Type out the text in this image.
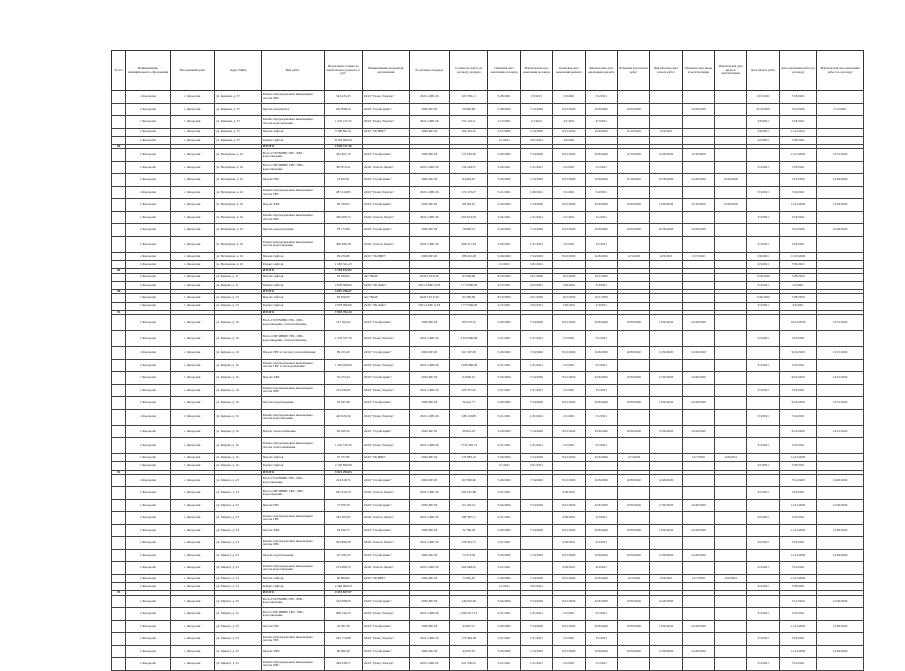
№ п/п	Наименование муниципального образования	Населенный пункт	Адрес МКД	Вид работ	Предельная стоимость капитального ремонта, в руб.	Наименование подрядной организации	№ договора подряда	Стоимость работ по договору подряда	Плановая дата окончания договора	Фактическая дата окончания договора	Плановая дата окончания ремонта	Фактическая дата окончания ремонта	Плановая дата начала работ	Фактическая дата начала работ	Плановая дата ввода в эксплуатацию	Фактическая дата ввода в эксплуатацию	Дата начала работ	Дата окончания работ по договору	Фактическая дата окончания работ по договору
	г. Феодосия	г. Феодосия	ул. Киреева, д. 37	Ремонт внутридомовых инженерных систем ХВС	543 433,45	ООО "Гранд Электро"	2021-СМР-26	165 760,11	5/28/2021	1/9/2021	2/3/2021	3/1/2021					10/5/2021	7/18/2021	
	г. Феодосия	г. Феодосия	ул. Киреева, д. 37	Проект капремонта	625 898,45	ООО "Стройсервис"	2020-ПР-65	59 693,96	5/28/2020	7/14/2020	8/21/2020	6/26/2020	10/30/2020		12/20/2020		9/16/2020	7/12/2020	7/12/2021
	г. Феодосия	г. Феодосия	ул. Киреева, д. 37	Ремонт внутридомовых инженерных систем водоотведения	1 276 217,25	ООО "Гранд Электро"	2021-СМР-26	752 116,11	1/15/2021	2/1/2021	3/1/2021	3/7/2021					3/9/2021	7/18/2021	
	г. Феодосия	г. Феодосия	ул. Киреева, д. 37	Проект лифтов	3 288 867,21	ООО "ТК ВИП"	2020-ПР-63	185 455,35	5/27/2020	7/14/2020	8/21/2020	6/26/2020	11/20/2020	12/9/2021			3/6/2021	11/12/2021	
	г. Феодосия	г. Феодосия	ул. Киреева, д. 37	Ремонт лифтов	8 263 609,56				1/1/2021	3/31/2021	3/4/2021						4/5/2021	7/30/2021	
88				ИТОГО	4 956 317,46														
	г. Феодосия	г. Феодосия	ул. Ветеранов, д. 16	Всего ГСН ВИВБ: ГВС, ХВС, водоотведение	461 401,76	ООО "Стройсервис"	2020-ПР-63	174 265,62	5/26/2020	7/14/2020	8/21/2020	6/26/2020	11/20/2020	12/20/2020	11/30/2020			11/15/2020	12/15/2020
	г. Феодосия	г. Феодосия	ул. Ветеранов, д. 16	Всего СМР ИВБВ: ГВС, ХВС, водоотведение	393 874,41	ООО "Альтэк Энерго"	2021-СМР-36	745 294,37	5/24/2021	1/31/2021	2/1/2021	3/1/2021					3/3/2021	7/18/2021	
	г. Феодосия	г. Феодосия	ул. Ветеранов, д. 16	Проект ГВС	74 653,91	ООО "Стройсервис"	2020-ПР-63	84 963,67	5/26/2020	7/14/2020	8/21/2020	6/26/2020	11/20/2020	10/30/2020	12/20/2020	12/20/2020		7/12/2020	12/20/2020
	г. Феодосия	г. Феодосия	ул. Ветеранов, д. 16	Ремонт внутридомовых инженерных систем ГВС	287 419,83	ООО "Гранд Электро"	2021-СМР-26	172 473,47	5/21/2021	1/30/2021	3/1/2021	3/2/2021					3/3/2021	7/19/2021	
	г. Феодосия	г. Феодосия	ул. Ветеранов, д. 16	Проект ХВС	65 790,62	ООО "Стройсервис"	2020-ПР-63	68 362,61	5/26/2020	7/14/2020	8/21/2020	6/26/2020	10/30/2020	11/30/2020	11/30/2020	12/20/2020		11/12/2020	12/20/2020
	г. Феодосия	г. Феодосия	ул. Ветеранов, д. 16	Ремонт внутридомовых инженерных систем ХВС	260 468,72	ООО "Альтэк Энерго"	2021-СМР-36	203 814,93	5/24/2021	1/31/2021	2/1/2021	3/1/2021					3/3/2021	7/18/2021	
	г. Феодосия	г. Феодосия	ул. Ветеранов, д. 16	Проект водоотведения	78 173,98	ООО "Стройсервис"	2020-ПР-63	78 893,12	5/26/2020	7/14/2020	8/21/2020	6/26/2020	10/30/2020	10/30/2020	12/20/2020			7/12/2020	12/20/2020
	г. Феодосия	г. Феодосия	ул. Ветеранов, д. 16	Ремонт внутридомовых инженерных систем водоотведения	409 286,78	ООО "Альтэк Энерго"	2021-СМР-36	368 217,63	5/24/2021	1/31/2021	2/1/2021	3/1/2021					3/3/2021	7/18/2021	
	г. Феодосия	г. Феодосия	ул. Ветеранов, д. 16	Проект лифтов	99 276,89	ООО "ТК ВИП"	2020-ПР-63	188 415,28	5/26/2020	7/14/2020	8/21/2020	6/26/2020	11/5/2020	12/9/2021	12/7/2020		3/6/2021	11/15/2020	
	г. Феодосия	г. Феодосия	ул. Ветеранов, д. 16	Ремонт лифтов	1 003 321,23				1/1/2021	3/31/2021							4/5/2021	7/30/2021	
89				ИТОГО	3 783 672,82														
	г. Феодосия	г. Феодосия	ул. Кирова, д. 11	Проект лифтов	93 560,00	АО "ВАЦ"	2020-СП-Р-46	93 560,00	8/10/2020	10/1/2020	10/1/2020	10/1/2020					7/24/2020	7/28/2020	
	г. Феодосия	г. Феодосия	ул. Кирова, д. 11	Ремонт лифтов	2 878 000,00	ООО "ЭК Лифт"	2021-СМР-Л-18	1 773 000,00	2/15/2021	2/25/2021	1/20/2021	3/3/2021					3/3/2021	4/5/2021	
90				ИТОГО	3 067 256,57														
	г. Феодосия	г. Феодосия	ул. Кирова, д. 13	Проект лифтов	92 810,00	АО "ВАЦ"	2020-СП-Р-46	93 560,00	8/10/2020	10/1/2020	10/1/2020	10/1/2020					7/24/2020	7/28/2020	
	г. Феодосия	г. Феодосия	ул. Кирова, д. 13	Ремонт лифтов	2 878 000,00	ООО "ЭК Лифт"	2021-СМР-Л-18	1 773 000,00	2/15/2021	2/25/2021	1/20/2021	3/3/2021					3/3/2021	4/5/2021	
91				ИТОГО	7 093 702,24														
	г. Феодосия	г. Феодосия	ул. Кирова, д. 16	Всего ГСН ВИВБ: ГВС, ХВС, водоотведение, теплоснабжение	127 366,42	ООО "Стройсервис"	2020-ПР-63	163 070,12	5/26/2020	7/14/2020	8/21/2020	6/26/2020	10/30/2020	11/30/2020	12/20/2020			10/12/2020	12/15/2020
	г. Феодосия	г. Феодосия	ул. Кирова, д. 16	Всего СМР ИВБВ: ГВС, ХВС, водоотведение, теплоснабжение	1 233 537,79	ООО "Гранд Электро"	2021-СМР-26	2 256 996,09	5/21/2021	1/31/2021	2/1/2021	3/1/2021					3/3/2021	7/19/2021	
	г. Феодосия	г. Феодосия	ул. Кирова, д. 16	Проект ГВС и систем теплоснабжения	89 211,60	ООО "Стройсервис"	2020-ПР-63	101 597,90	5/26/2020	7/14/2020	8/21/2020	6/26/2020	10/30/2020	11/30/2020	12/20/2020			9/16/2020	12/15/2020
	г. Феодосия	г. Феодосия	ул. Кирова, д. 16	Ремонт внутридомовых инженерных систем ГВС и теплоснабжения	1 326 022,84	ООО "Гранд Электро"	2021-СМР-26	1 208 360,28	5/21/2021	1/31/2021	2/1/2021	3/1/2021					3/3/2021	7/19/2021	
	г. Феодосия	г. Феодосия	ул. Кирова, д. 16	Проект ХВС	56 273,43	ООО "Стройсервис"	2020-ПР-63	64 830,61	5/26/2020	7/14/2020	8/21/2020	6/26/2020	10/30/2020	11/30/2020	12/20/2020			9/16/2020	12/15/2020
	г. Феодосия	г. Феодосия	ул. Кирова, д. 16	Ремонт внутридомовых инженерных систем ХВС	215 636,96	ООО "Гранд Электро"	2021-СМР-26	226 357,91	5/21/2021	1/31/2021	2/1/2021	3/1/2021					3/3/2021	7/19/2021	
	г. Феодосия	г. Феодосия	ул. Кирова, д. 16	Проект водоотведения	53 267,48	ООО "Стройсервис"	2020-ПР-63	56 441,77	5/26/2020	7/14/2020	8/21/2020	6/26/2020	10/30/2020	11/30/2020	12/20/2020			9/16/2020	12/15/2020
	г. Феодосия	г. Феодосия	ул. Кирова, д. 16	Ремонт внутридомовых инженерных систем водоотведения	443 026,34	ООО "Гранд Электро"	2021-СМР-26	228 119,80	5/21/2021	1/31/2021	2/1/2021	3/1/2021					3/3/2021	7/19/2021	
	г. Феодосия	г. Феодосия	ул. Кирова, д. 16	Проект теплоснабжения	83 450,59	ООО "Стройсервис"	2020-ПР-63	98 814,23	5/26/2020	7/14/2020	8/21/2020	6/26/2020	10/30/2020	11/30/2020	12/20/2020			9/16/2020	12/15/2020
	г. Феодосия	г. Феодосия	ул. Кирова, д. 16	Ремонт внутридомовых инженерных систем теплоснабжения	1 242 576,10	ООО "Гранд Электро"	2021-СМР-26	1 576 395,73	5/21/2021	1/31/2021	2/1/2021	3/1/2021					3/3/2021	7/19/2021	
	г. Феодосия	г. Феодосия	ул. Кирова, д. 16	Проект лифтов	67 377,80	ООО "ТК ВИП"	2020-ПР-63	135 883,16	5/26/2020	7/14/2020	8/21/2020	6/26/2020	11/5/2020		12/7/2020	12/9/2021		11/12/2020	
	г. Феодосия	г. Феодосия	ул. Кирова, д. 16	Ремонт лифтов	2 136 859,90				1/1/2021	3/31/2021							4/5/2021	7/30/2021	
92				ИТОГО	3 921 293,03														
	г. Феодосия	г. Феодосия	ул. Марата, д. 23	Всего ГСН ВИВБ: ГВС, ХВС, водоотведение	224 618,74	ООО "Стройсервис"	2020-ПР-63	167 830,66	5/26/2020	7/14/2020	8/21/2020	6/26/2020	10/30/2020	12/20/2020				7/12/2020	12/20/2020
	г. Феодосия	г. Феодосия	ул. Марата, д. 23	Всего СМР ИВБВ: ГВС, ХВС, водоотведение	667 619,79	ООО "Альтэк Энерго"	2021-СМР-36	592 227,89	5/21/2021		4/30/2021						4/5/2021	7/19/2021	
	г. Феодосия	г. Феодосия	ул. Марата, д. 23	Проект ГВС	73 079,76	ООО "Стройсервис"	2020-ПР-63	62 102,12	5/26/2020	7/14/2020	8/21/2020	6/26/2020	10/30/2020	11/30/2020	12/20/2020			11/12/2020	12/20/2020
	г. Феодосия	г. Феодосия	ул. Марата, д. 23	Ремонт внутридомовых инженерных систем ГВС	192 463,05	ООО "Альтэк Энерго"	2021-СМР-36	189 397,11	5/21/2021		4/30/2021	4/5/2021					4/5/2021	7/19/2021	
	г. Феодосия	г. Феодосия	ул. Марата, д. 23	Проект ХВС	63 010,77	ООО "Стройсервис"	2020-ПР-63	52 766,18	5/26/2020	7/14/2020	8/21/2020	6/26/2020	10/30/2020	11/30/2020	12/20/2020			11/12/2020	12/20/2020
	г. Феодосия	г. Феодосия	ул. Марата, д. 23	Ремонт внутридомовых инженерных систем ХВС	203 869,28	ООО "Альтэк Энерго"	2021-СМР-36	128 461,17	5/21/2021		4/30/2021	4/5/2021					4/5/2021	7/19/2021	
	г. Феодосия	г. Феодосия	ул. Марата, д. 23	Проект водоотведения	111 502,23	ООО "Стройсервис"	2020-ПР-63	72 273,36	5/26/2020	7/14/2020	8/21/2020	6/26/2020	10/30/2020	11/30/2020	12/20/2020			11/12/2020	12/20/2020
	г. Феодосия	г. Феодосия	ул. Марата, д. 23	Ремонт внутридомовых инженерных систем водоотведения	274 480,74	ООО "Альтэк Энерго"	2021-СМР-36	264 969,61	5/21/2021		4/30/2021	4/5/2021					4/5/2021	7/19/2021	
	г. Феодосия	г. Феодосия	ул. Марата, д. 23	Проект лифтов	66 800,60	ООО "ТК ВИП"	2020-ПР-63	75 081,81	5/26/2020	7/14/2020	8/21/2020	6/26/2020	11/5/2020	12/9/2021	12/7/2020	12/9/2021		11/12/2020	
	г. Феодосия	г. Феодосия	ул. Марата, д. 23	Ремонт лифтов	2 469 000,00				1/1/2021	3/31/2021							4/5/2021	7/30/2021	
93				ИТОГО	4 591 837,97														
	г. Феодосия	г. Феодосия	ул. Марата, д. 25	Всего ГСН ВИВБ: ГВС, ХВС, водоотведение	222 098,60	ООО "Стройсервис"	2020-ПР-63	144 916,69	5/26/2020	7/14/2020	8/21/2020	6/26/2020	10/30/2020	12/20/2020				7/12/2020	12/20/2020
	г. Феодосия	г. Феодосия	ул. Марата, д. 25	Всего СМР ИВБВ: ГВС, ХВС, водоотведение	908 134,55	ООО "Гранд Электро"	2021-СМР-26	2 963 917,13	5/21/2021	1/31/2021	2/1/2021	3/1/2021					3/3/2021	7/19/2021	
	г. Феодосия	г. Феодосия	ул. Марата, д. 25	Проект ГВС	76 307,36	ООО "Стройсервис"	2020-ПР-63	44 697,17	5/26/2020	7/14/2020	8/21/2020	6/26/2020	10/30/2020	11/30/2020	12/20/2020			11/12/2020	12/20/2020
	г. Феодосия	г. Феодосия	ул. Марата, д. 25	Ремонт внутридомовых инженерных систем ГВС	245 774,88	ООО "Гранд Электро"	2021-СМР-26	170 462,38	5/21/2021	1/31/2021	2/1/2021	3/1/2021					3/3/2021	7/19/2021	
	г. Феодосия	г. Феодосия	ул. Марата, д. 25	Проект ХВС	68 690,36	ООО "Стройсервис"	2020-ПР-63	44 655,97	5/26/2020	7/14/2020	8/21/2020	6/26/2020	10/30/2020	11/30/2020	12/20/2020			11/12/2020	12/20/2020
	г. Феодосия	г. Феодосия	ул. Марата, д. 25	Ремонт внутридомовых инженерных систем ХВС	269 638,71	ООО "Гранд Электро"	2021-СМР-26	222 356,01	5/21/2021	1/31/2021	2/1/2021	3/1/2021					3/3/2021	7/19/2021	
